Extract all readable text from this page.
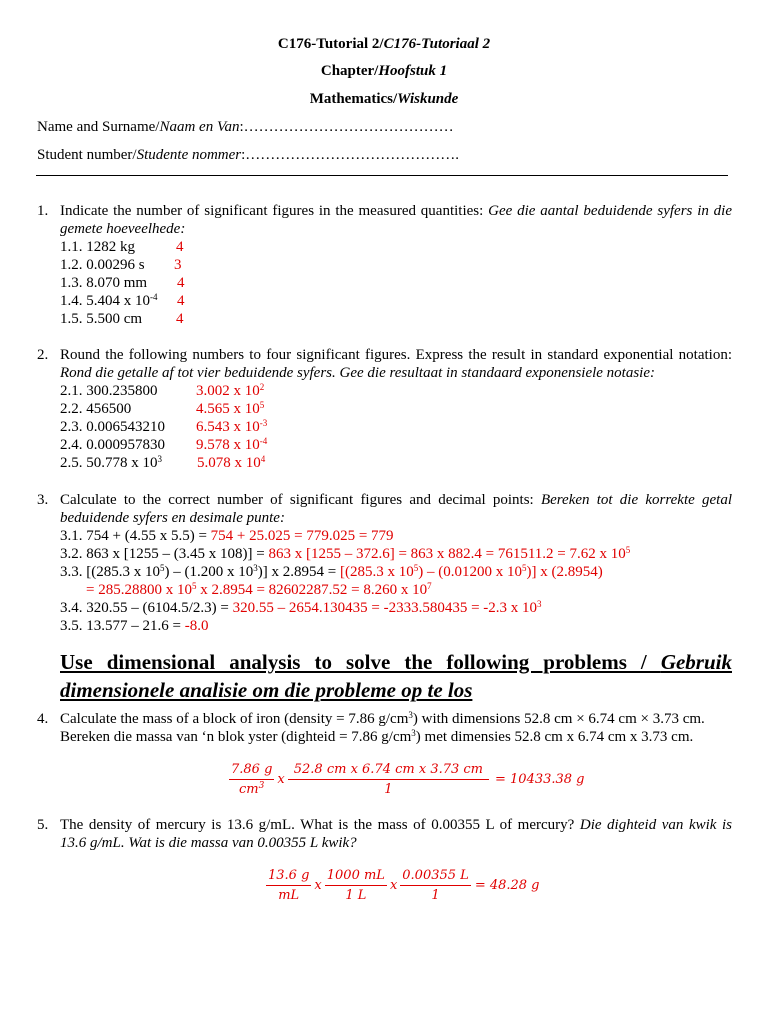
C176-Tutorial 2/C176-Tutoriaal 2
Chapter/Hoofstuk 1
Mathematics/Wiskunde
Name and Surname/Naam en Van:……………………………………
Student number/Studente nommer:…………………………………….
1. Indicate the number of significant figures in the measured quantities: Gee die aantal beduidende syfers in die
gemete hoeveelhede:
1.1. 1282 kg	4
1.2. 0.00296 s 3
1.3. 8.070 mm 4
1.4. 5.404 x $10^{-4}$ 4
1.5. 5.500 cm 4
2. Round the following numbers to four significant figures. Express the result in standard exponential notation:
Rond die getalle af tot vier beduidende syfers. Gee die resultaat in standaard exponensiele notasie:
2.1. 300.235800	3.002 x $10^2$
2.2. 456500	4.565 x $10^5$
2.3. 0.006543210 6.543 x $10^{-3}$
2.4. 0.000957830 9.578 x $10^{-4}$
2.5. 50.778 x $10^3$ 5.078 x $10^4$
3. Calculate to the correct number of significant figures and decimal points: Bereken tot die korrekte getal
beduidende syfers en desimale punte:
3.1. 754 + (4.55 x 5.5) = 754 + 25.025 = 779.025 = 779
3.2. 863 x [1255 – (3.45 x 108)] = 863 x [1255 – 372.6] = 863 x 882.4 = 761511.2 = 7.62 x $10^5$
3.3. [(285.3 x $10^5) - (1.200$ x $10^3$)] x 2.8954 = [(285.3 x $10^5) - (0.01200$ x $10^5$)] x (2.8954)
= 285.28800 x $10^5$ x 2.8954 = 82602287.52 = 8.260 x $10^7$
3.4. 320.55 – (6104.5/2.3) = 320.55 – 2654.130435 = -2333.580435 = -2.3 x $10^3$
3.5. 13.577 – 21.6 = -8.0
Use dimensional analysis to solve the following problems / Gebruik
dimensionele analisie om die probleme op te los
4. Calculate the mass of a block of iron (density = 7.86 $g/cm^3$) with dimensions 52.8 cm × 6.74 cm × 3.73 cm.
Bereken die massa van ‘n blok yster (dighteid = 7.86 $g/cm^3$) met dimensies 52.8 cm x 6.74 cm x 3.73 cm.
$\frac{7.86 g}{cm^3}$ x $\frac{\text{52.8 cm x 6.74 cm x 3.73 cm}}{1} = 10433.38$ g
5. The density of mercury is 13.6 g/mL. What is the mass of 0.00355 L of mercury? Die dighteid van kwik is
13.6 g/mL. Wat is die massa van 0.00355 L kwik?
$\frac{13.6 g}{mL}$ x $\frac{1000 mL}{1 L}$ x $\frac{0.00355 L}{1} = 48.28$ g
